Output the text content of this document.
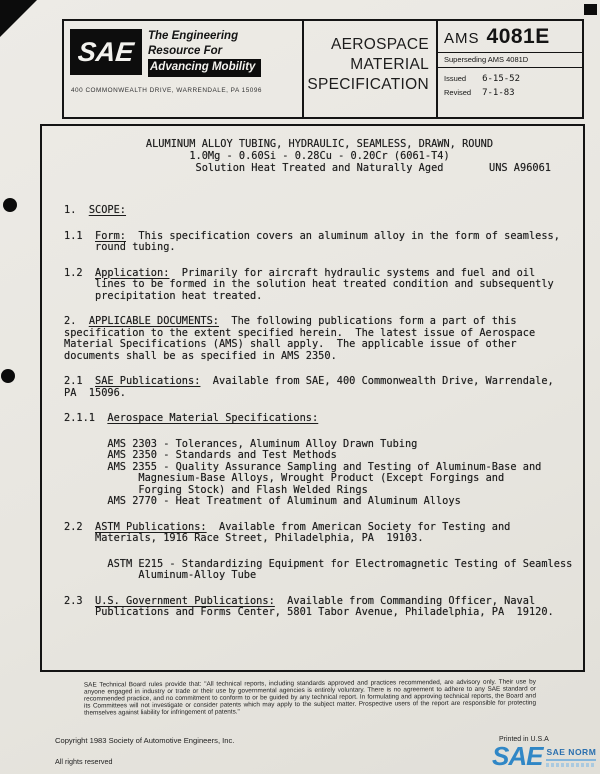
SAE
The Engineering
Resource For
Advancing Mobility
400 COMMONWEALTH DRIVE, WARRENDALE, PA 15096
AEROSPACE
MATERIAL
SPECIFICATION
AMS 4081E
Superseding AMS 4081D
Issued 6-15-52
Revised 7-1-83
ALUMINUM ALLOY TUBING, HYDRAULIC, SEAMLESS, DRAWN, ROUND
1.0Mg - 0.60Si - 0.28Cu - 0.20Cr (6061-T4)
Solution Heat Treated and Naturally Aged	UNS A96061
1.  SCOPE:
1.1  Form:  This specification covers an aluminum alloy in the form of seamless,
round tubing.
1.2  Application:  Primarily for aircraft hydraulic systems and fuel and oil
lines to be formed in the solution heat treated condition and subsequently
precipitation heat treated.
2.  APPLICABLE DOCUMENTS:  The following publications form a part of this
specification to the extent specified herein.  The latest issue of Aerospace
Material Specifications (AMS) shall apply.  The applicable issue of other
documents shall be as specified in AMS 2350.
2.1  SAE Publications:  Available from SAE, 400 Commonwealth Drive, Warrendale,
PA  15096.
2.1.1  Aerospace Material Specifications:
AMS 2303 - Tolerances, Aluminum Alloy Drawn Tubing
AMS 2350 - Standards and Test Methods
AMS 2355 - Quality Assurance Sampling and Testing of Aluminum-Base and
Magnesium-Base Alloys, Wrought Product (Except Forgings and
Forging Stock) and Flash Welded Rings
AMS 2770 - Heat Treatment of Aluminum and Aluminum Alloys
2.2  ASTM Publications:  Available from American Society for Testing and
Materials, 1916 Race Street, Philadelphia, PA  19103.
ASTM E215 - Standardizing Equipment for Electromagnetic Testing of Seamless
Aluminum-Alloy Tube
2.3  U.S. Government Publications:  Available from Commanding Officer, Naval
Publications and Forms Center, 5801 Tabor Avenue, Philadelphia, PA  19120.
SAE Technical Board rules provide that: "All technical reports, including standards approved and practices recommended, are advisory only. Their use by anyone engaged in industry or trade or their use by governmental agencies is entirely voluntary. There is no agreement to adhere to any SAE standard or recommended practice, and no commitment to conform to or be guided by any technical report. In formulating and approving technical reports, the Board and its Committees will not investigate or consider patents which may apply to the subject matter. Prospective users of the report are responsible for protecting themselves against liability for infringement of patents."
Copyright 1983 Society of Automotive Engineers, Inc.
All rights reserved
Printed in U.S.A
SAE SAE NORM
